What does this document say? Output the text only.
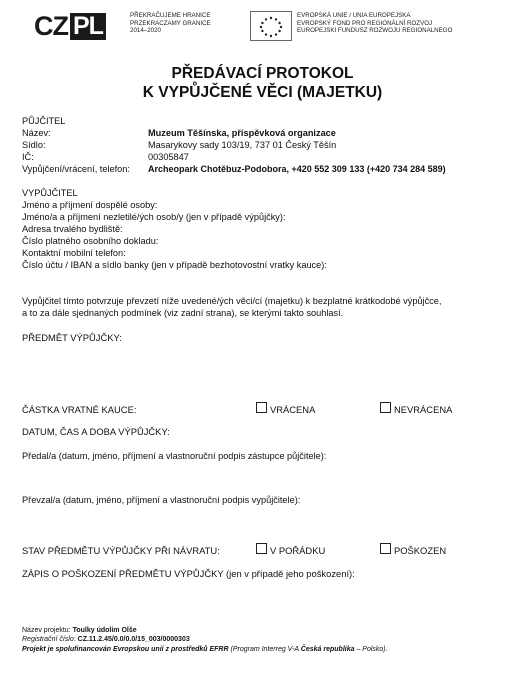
CZ PL	PŘEKRAČUJEME HRANICE
PRZEKRACZAMY GRANICE
2014–2020
EVROPSKÁ UNIE / UNIA EUROPEJSKA
EVROPSKÝ FOND PRO REGIONÁLNÍ ROZVOJ
EUROPEJSKI FUNDUSZ ROZWOJU REGIONALNEGO
PŘEDÁVACÍ PROTOKOL
K VYPŮJČENÉ VĚCI (MAJETKU)
PŮJČITEL
Název:	Muzeum Těšínska, příspěvková organizace
Sídlo:	Masarykovy sady 103/19, 737 01 Český Těšín
IČ:	00305847
Vypůjčení/vrácení, telefon: Archeopark Chotěbuz-Podobora, +420 552 309 133 (+420 734 284 589)
VYPŮJČITEL
Jméno a příjmení dospělé osoby:
Jméno/a a příjmení nezletilé/ých osob/y (jen v případě výpůjčky):
Adresa trvalého bydliště:
Číslo platného osobního dokladu:
Kontaktní mobilní telefon:
Číslo účtu / IBAN a sídlo banky (jen v případě bezhotovostní vratky kauce):
Vypůjčitel tímto potvrzuje převzetí níže uvedené/ých věci/cí (majetku) k bezplatné krátkodobé výpůjčce,
a to za dále sjednaných podmínek (viz zadní strana), se kterými takto souhlasí.
PŘEDMĚT VÝPŮJČKY:
ČÁSTKA VRATNÉ KAUCE:	VRÁCENA	NEVRÁCENA
DATUM, ČAS A DOBA VÝPŮJČKY:
Předal/a (datum, jméno, příjmení a vlastnoruční podpis zástupce půjčitele):
Převzal/a (datum, jméno, příjmení a vlastnoruční podpis vypůjčitele):
STAV PŘEDMĚTU VÝPŮJČKY PŘI NÁVRATU:	V POŘÁDKU	POŠKOZEN
ZÁPIS O POŠKOZENÍ PŘEDMĚTU VÝPŮJČKY (jen v případě jeho poškození):
Název projektu: Toulky údolím Olše
Registrační číslo: CZ.11.2.45/0.0/0.0/15_003/0000303
Projekt je spolufinancován Evropskou unií z prostředků EFRR (Program Interreg V-A Česká republika – Polsko).
